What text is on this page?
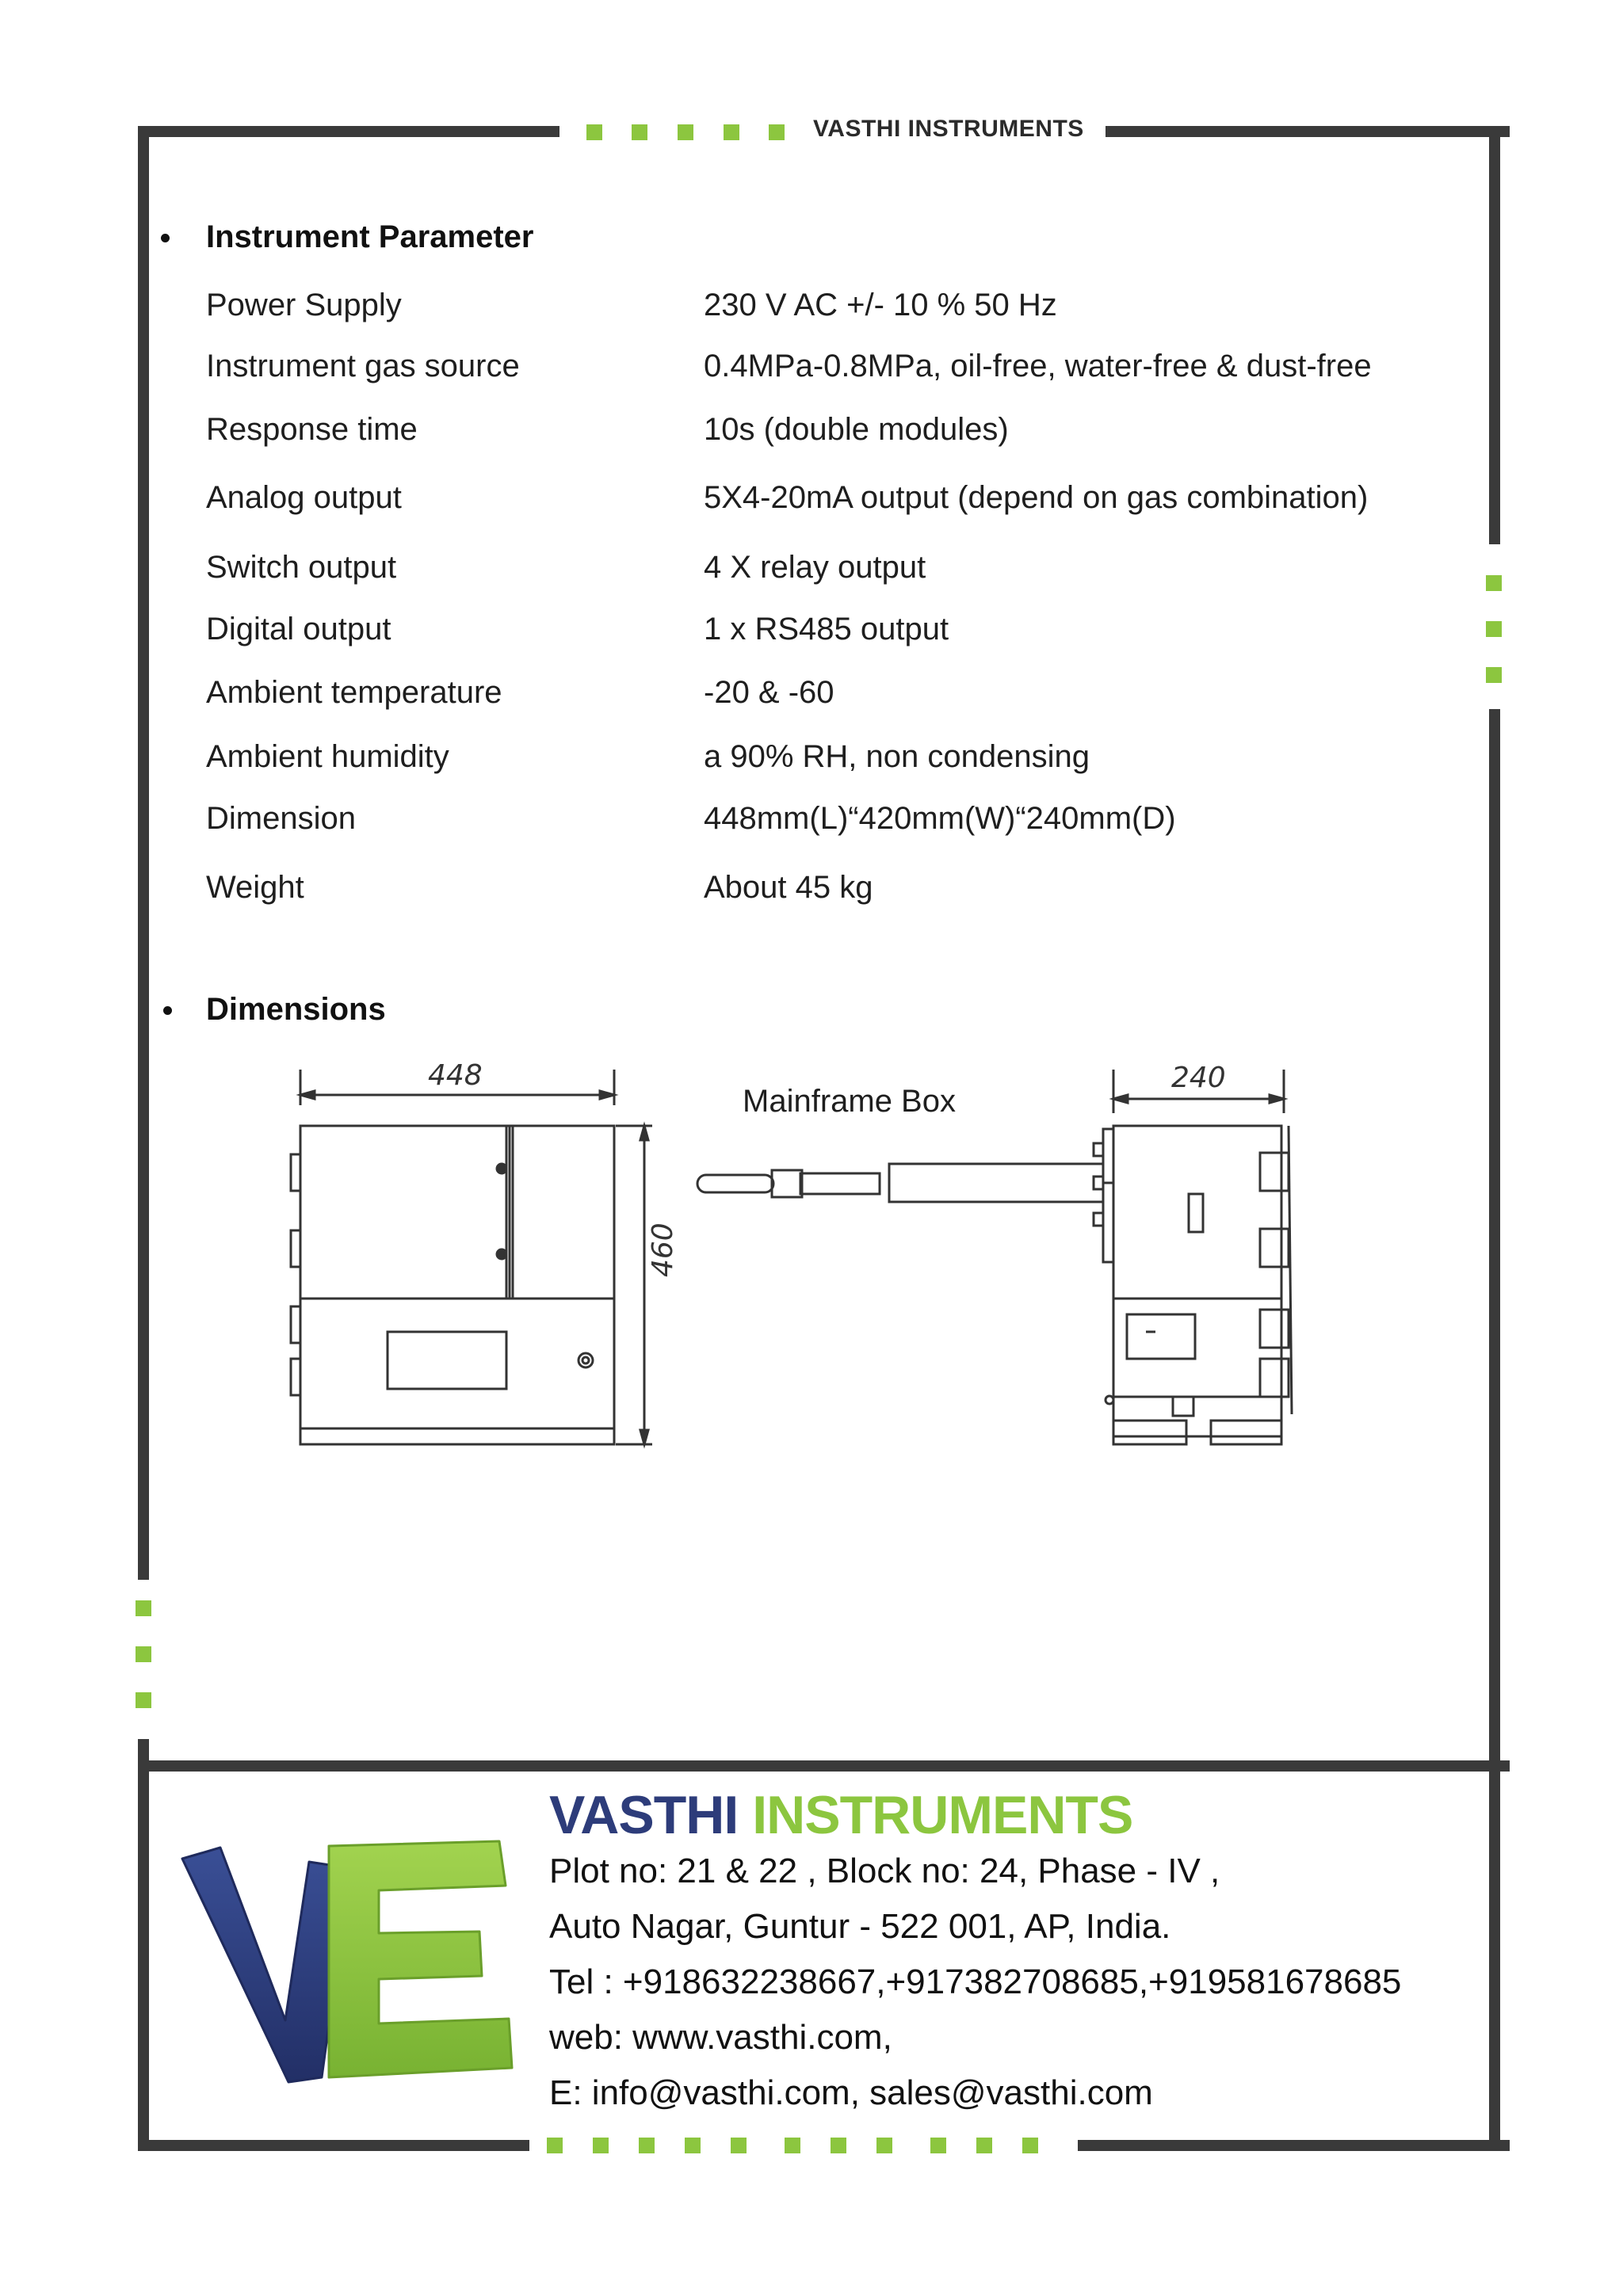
VASTHI INSTRUMENTS
Instrument Parameter
Power Supply	230 V AC +/- 10 % 50 Hz
Instrument gas source	0.4MPa-0.8MPa, oil-free, water-free & dust-free
Response time	10s (double modules)
Analog output	5X4-20mA output (depend on gas combination)
Switch output	4 X relay output
Digital output	1 x RS485 output
Ambient temperature	-20 & -60
Ambient humidity	a 90% RH, non condensing
Dimension	448mm(L)“420mm(W)“240mm(D)
Weight	About 45 kg
Dimensions
Mainframe Box
448
460
240
VASTHI INSTRUMENTS
Plot no: 21 & 22 , Block no: 24, Phase - IV ,
Auto Nagar, Guntur - 522 001, AP, India.
Tel : +918632238667,+917382708685,+919581678685
web: www.vasthi.com,
E: info@vasthi.com, sales@vasthi.com
